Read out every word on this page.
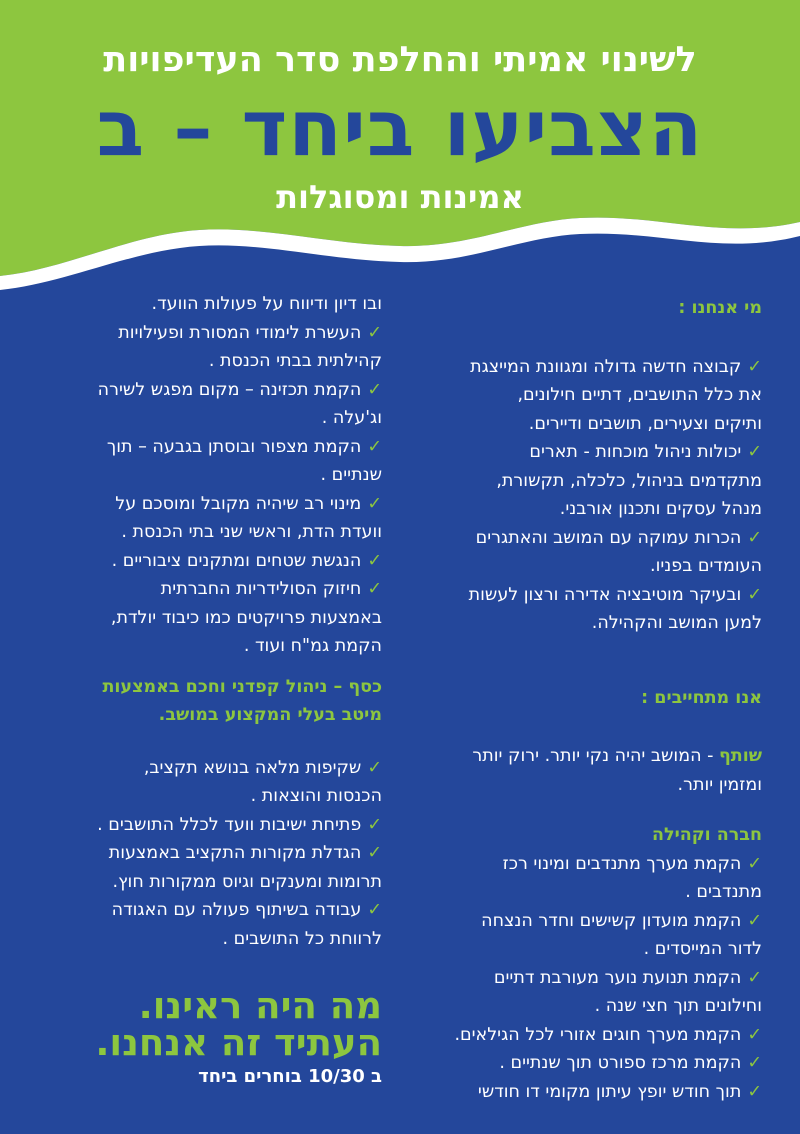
לשינוי אמיתי והחלפת סדר העדיפויות
הצביעו ביחד – ב
אמינות ומסוגלות

מי אנחנו :

✓קבוצה חדשה גדולה ומגוונת המייצגת

את כלל התושבים, דתיים חילונים,

ותיקים וצעירים, תושבים ודיירים.

✓יכולות ניהול מוכחות - תארים

מתקדמים בניהול, כלכלה, תקשורת,

מנהל עסקים ותכנון אורבני.

✓הכרות עמוקה עם המושב והאתגרים

העומדים בפניו.

✓ובעיקר מוטיבציה אדירה ורצון לעשות

למען המושב והקהילה.

אנו מתחייבים :

שותף - המושב יהיה נקי יותר. ירוק יותר

ומזמין יותר.

חברה וקהילה

✓הקמת מערך מתנדבים ומינוי רכז

מתנדבים .

✓הקמת מועדון קשישים וחדר הנצחה

לדור המייסדים .

✓הקמת תנועת נוער מעורבת דתיים

וחילונים תוך חצי שנה .

✓הקמת מערך חוגים אזורי לכל הגילאים.

✓הקמת מרכז ספורט תוך שנתיים .

✓תוך חודש יופץ עיתון מקומי דו חודשי

ובו דיון ודיווח על פעולות הוועד.

✓העשרת לימודי המסורת ופעילויות

קהילתית בבתי הכנסת .

✓הקמת תכזינה – מקום מפגש לשירה

וג'עלה .

✓הקמת מצפור ובוסתן בגבעה – תוך

שנתיים .

✓מינוי רב שיהיה מקובל ומוסכם על

וועדת הדת, וראשי שני בתי הכנסת .

✓הנגשת שטחים ומתקנים ציבוריים .

✓חיזוק הסולידריות החברתית

באמצעות פרויקטים כמו כיבוד יולדת,

הקמת גמ"ח ועוד .

כסף – ניהול קפדני וחכם באמצעות

מיטב בעלי המקצוע במושב.

✓שקיפות מלאה בנושא תקציב,

הכנסות והוצאות .

✓פתיחת ישיבות וועד לכלל התושבים .

✓הגדלת מקורות התקציב באמצעות

תרומות ומענקים וגיוס ממקורות חוץ.

✓עבודה בשיתוף פעולה עם האגודה

לרווחת כל התושבים .

מה היה ראינו.

העתיד זה אנחנו.

ב 10/30 בוחרים ביחד
